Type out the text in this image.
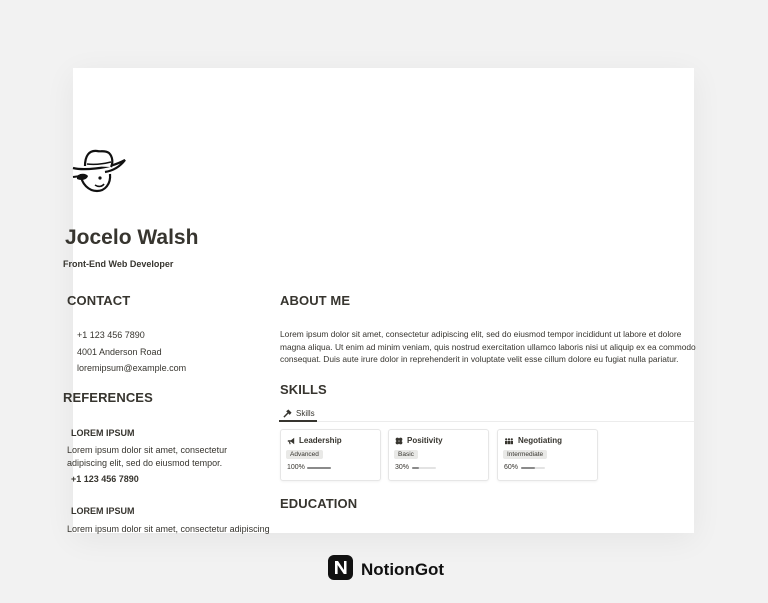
Jocelo Walsh
Front-End Web Developer
CONTACT
+1 123 456 7890
4001 Anderson Road
loremipsum@example.com
REFERENCES
LOREM IPSUM
Lorem ipsum dolor sit amet, consectetur adipiscing elit, sed do eiusmod tempor.
+1 123 456 7890
LOREM IPSUM
Lorem ipsum dolor sit amet, consectetur adipiscing
ABOUT ME

Lorem ipsum dolor sit amet, consectetur adipiscing elit, sed do eiusmod tempor incididunt ut labore et dolore magna aliqua. Ut enim ad minim veniam, quis nostrud exercitation ullamco laboris nisi ut aliquip ex ea commodo consequat. Duis aute irure dolor in reprehenderit in voluptate velit esse cillum dolore eu fugiat nulla pariatur.

SKILLS
Skills
Leadership
Advanced
100%
Positivity
Basic
30%
Negotiating
Intermediate
60%
EDUCATION
NotionGot
